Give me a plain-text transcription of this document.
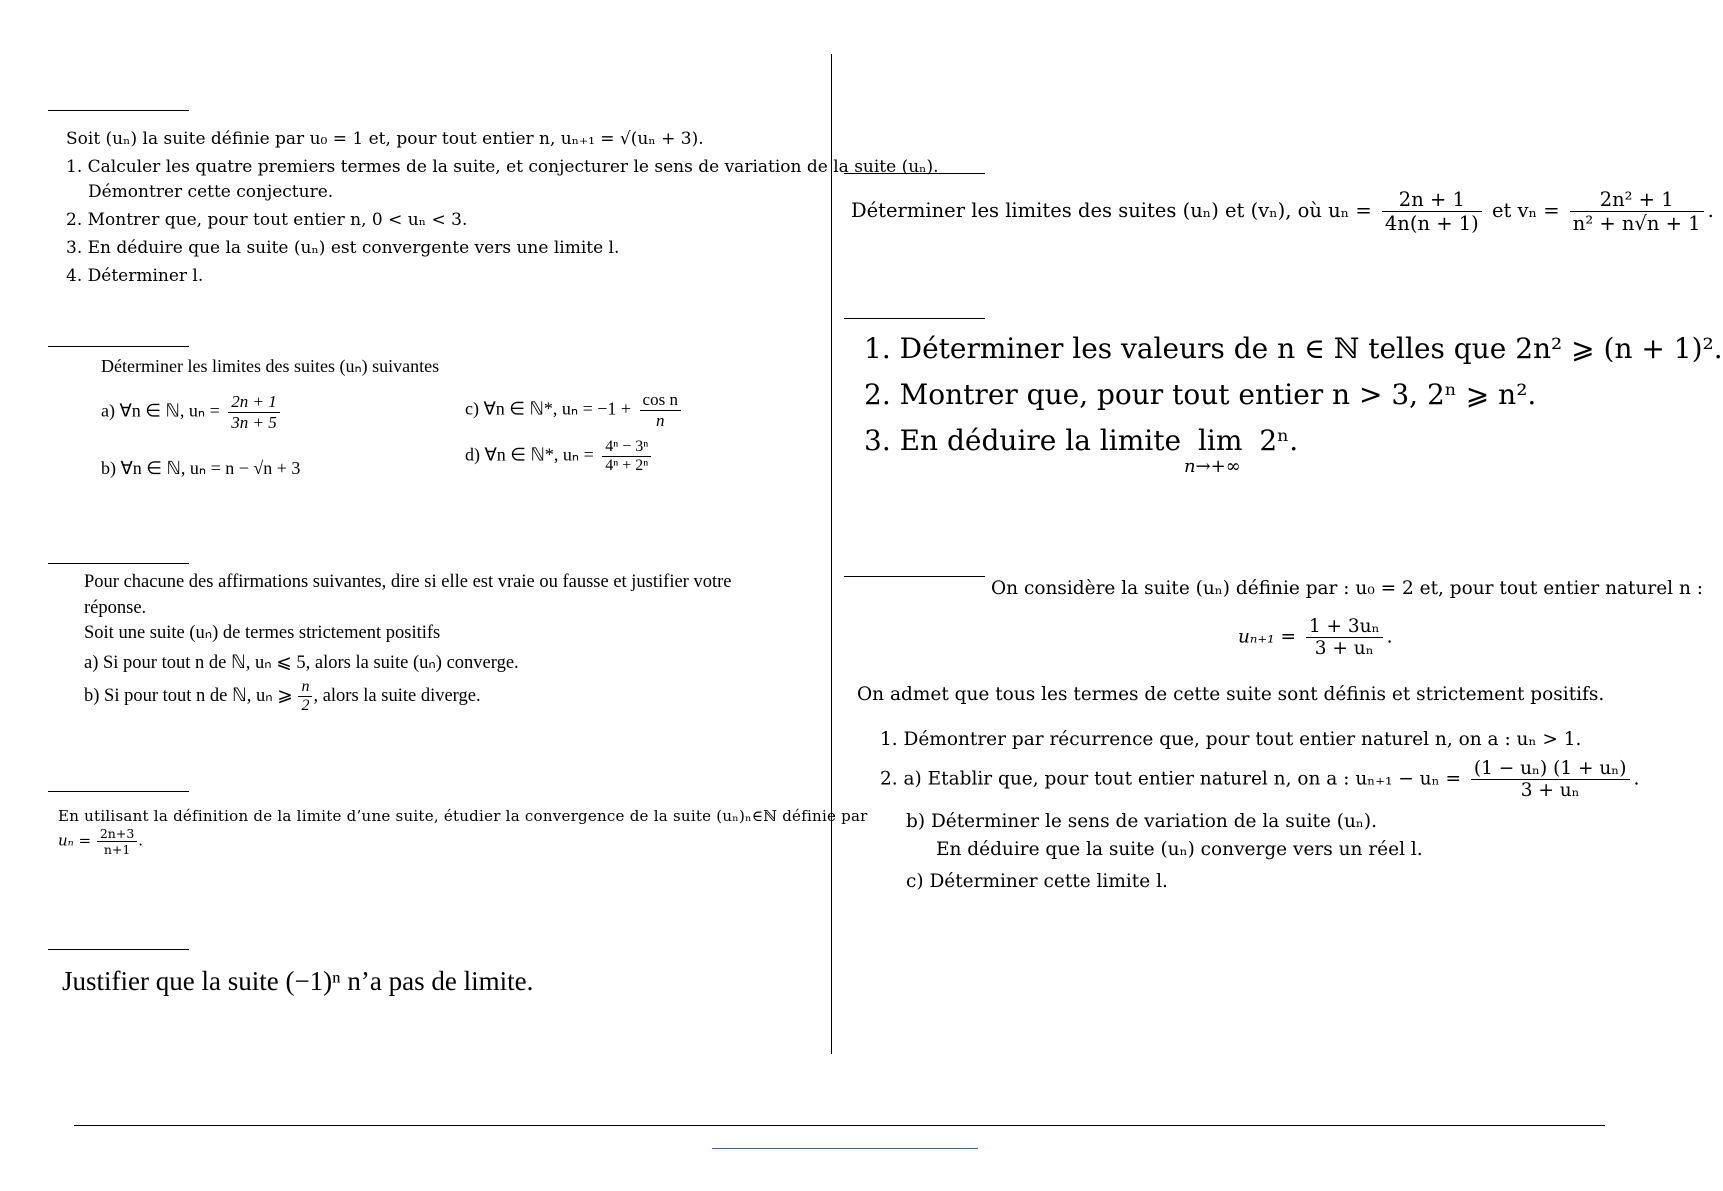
Soit (uₙ) la suite définie par u₀ = 1 et, pour tout entier n, uₙ₊₁ = √(uₙ + 3).
1. Calculer les quatre premiers termes de la suite, et conjecturer le sens de variation de la suite (uₙ).
Démontrer cette conjecture.
2. Montrer que, pour tout entier n, 0 < uₙ < 3.
3. En déduire que la suite (uₙ) est convergente vers une limite l.
4. Déterminer l.
Déterminer les limites des suites (uₙ) suivantes
a) ∀n ∈ ℕ, $u_n = \frac{2n + 1}{3n + 5}$
b) ∀n ∈ ℕ, uₙ = n − √n + 3
c) ∀n ∈ ℕ*, $u_n = -1 + \frac{\text{cos n}}{n}$
d) ∀n ∈ ℕ*, $u_n = \frac{\text{4ⁿ − 3ⁿ}}{\text{4ⁿ + 2ⁿ}}$
Pour chacune des affirmations suivantes, dire si elle est vraie ou fausse et justifier votre
réponse.
Soit une suite (uₙ) de termes strictement positifs
a) Si pour tout n de ℕ, uₙ ⩽ 5, alors la suite (uₙ) converge.
b) Si pour tout n de ℕ, uₙ ⩾ $\frac{n}{2}$ , alors la suite diverge.
En utilisant la définition de la limite d’une suite, étudier la convergence de la suite (uₙ)ₙ∈ℕ définie par
$u_n = \frac{2n+3}{n+1}$ .
Justifier que la suite (−1)ⁿ n’a pas de limite.
Déterminer les limites des suites (uₙ) et (vₙ), où $u_n = \frac{2n + 1}{4n(n + 1)}$ et $v_n = \frac{\text{2n² + 1}}{\text{n² + n√n + 1}}$ .
1. Déterminer les valeurs de n ∈ ℕ telles que 2n² ⩾ (n + 1)².
2. Montrer que, pour tout entier n > 3, 2ⁿ ⩾ n².
3. En déduire la limite lim
n→+∞
2ⁿ.
On considère la suite (uₙ) définie par : u₀ = 2 et, pour tout entier naturel n :
$u_{n+1} = \frac{\text{1 + 3uₙ}}{\text{3 + uₙ}}$ .
On admet que tous les termes de cette suite sont définis et strictement positifs.
1. Démontrer par récurrence que, pour tout entier naturel n, on a : uₙ > 1.
2. a) Etablir que, pour tout entier naturel n, on a : $u_{n+1} - u_n = \frac{\text{(1 − uₙ) (1 + uₙ)}}{\text{3 + uₙ}}$ .
b) Déterminer le sens de variation de la suite (uₙ).
En déduire que la suite (uₙ) converge vers un réel l.
c) Déterminer cette limite l.
